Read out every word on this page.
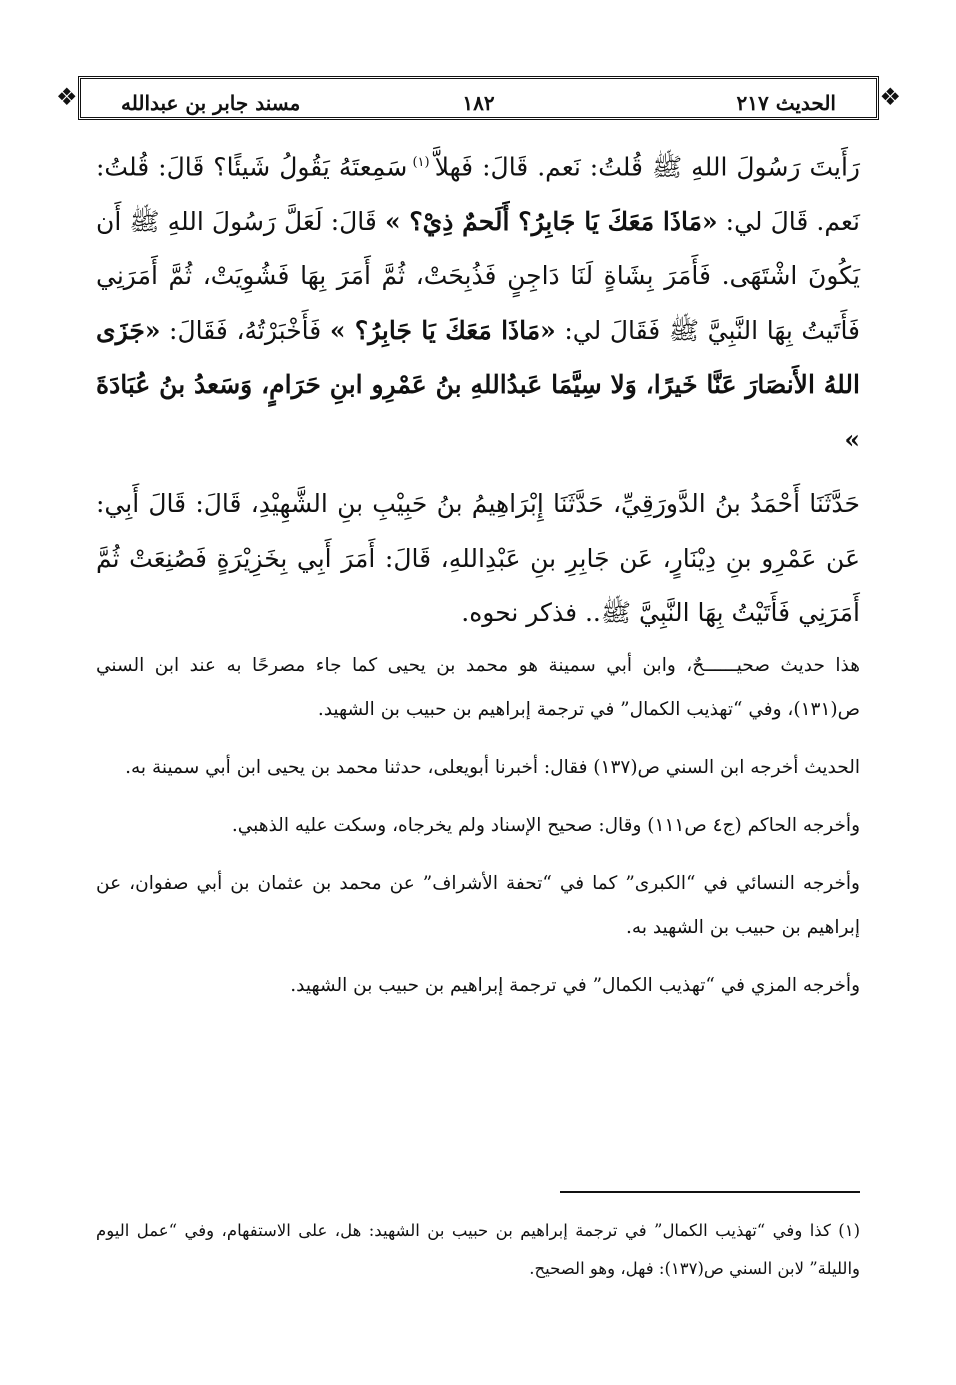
❖	الحديث ٢١٧
١٨٢
مسند جابر بن عبدالله	❖

رَأَيتَ رَسُولَ اللهِ ﷺ قُلتُ: نَعم. قَالَ: فَهلاَّ $^{(١)}$ سَمِعتَهُ يَقُولُ شَيئًا؟ قَالَ: قُلتُ: نَعم. قَالَ لي: «مَاذَا مَعَكَ يَا جَابِرُ؟ أَلَحمٌ ذِيْ؟ » قَالَ: لَعَلَّ رَسُولَ اللهِ ﷺ أَن يَكُونَ اشْتَهَى. فَأَمَرَ بِشَاةٍ لَنَا دَاجِنٍ فَذُبِحَتْ، ثُمَّ أَمَرَ بِهَا فَشُوِيَتْ، ثُمَّ أَمَرَنِي فَأَتَيتُ بِهَا النَّبِيَّ ﷺ فَقَالَ لي: «مَاذَا مَعَكَ يَا جَابِرُ؟ » فَأَخْبَرْتُهُ، فَقَالَ: «جَزَى اللهُ الأَنصَارَ عَنَّا خَيرًا، وَلا سِيَّمَا عَبدُاللهِ بنُ عَمْرِو ابنِ حَرَامٍ، وَسَعدُ بنُ عُبَادَةَ »

حَدَّثَنَا أَحْمَدُ بنُ الدَّورَقِيِّ، حَدَّثَنَا إِبْرَاهِيمُ بنُ حَبِيْبِ بنِ الشَّهِيْدِ، قَالَ: قَالَ أَبِي: عَن عَمْرِو بنِ دِيْنَارٍ، عَن جَابِرِ بنِ عَبْدِاللهِ، قَالَ: أَمَرَ أَبِي بِخَزِيْرَةٍ فَصُنِعَتْ ثُمَّ أَمَرَنِي فَأَتَيْتُ بِهَا النَّبِيَّ ﷺ.. فذكر نحوه.

هذا حديث صحيــــــحٌ، وابن أبي سمينة هو محمد بن يحيى كما جاء مصرحًا به عند ابن السني ص(١٣١)، وفي “تهذيب الكمال” في ترجمة إبراهيم بن حبيب بن الشهيد.

الحديث أخرجه ابن السني ص(١٣٧) فقال: أخبرنا أبويعلى، حدثنا محمد بن يحيى ابن أبي سمينة به.

وأخرجه الحاكم (ج٤ ص١١١) وقال: صحيح الإسناد ولم يخرجاه، وسكت عليه الذهبي.

وأخرجه النسائي في “الكبرى” كما في “تحفة الأشراف” عن محمد بن عثمان بن أبي صفوان، عن إبراهيم بن حبيب بن الشهيد به.

وأخرجه المزي في “تهذيب الكمال” في ترجمة إبراهيم بن حبيب بن الشهيد.

(١) كذا وفي “تهذيب الكمال” في ترجمة إبراهيم بن حبيب بن الشهيد: هل، على الاستفهام، وفي “عمل اليوم والليلة” لابن السني ص(١٣٧): فهل، وهو الصحيح.
